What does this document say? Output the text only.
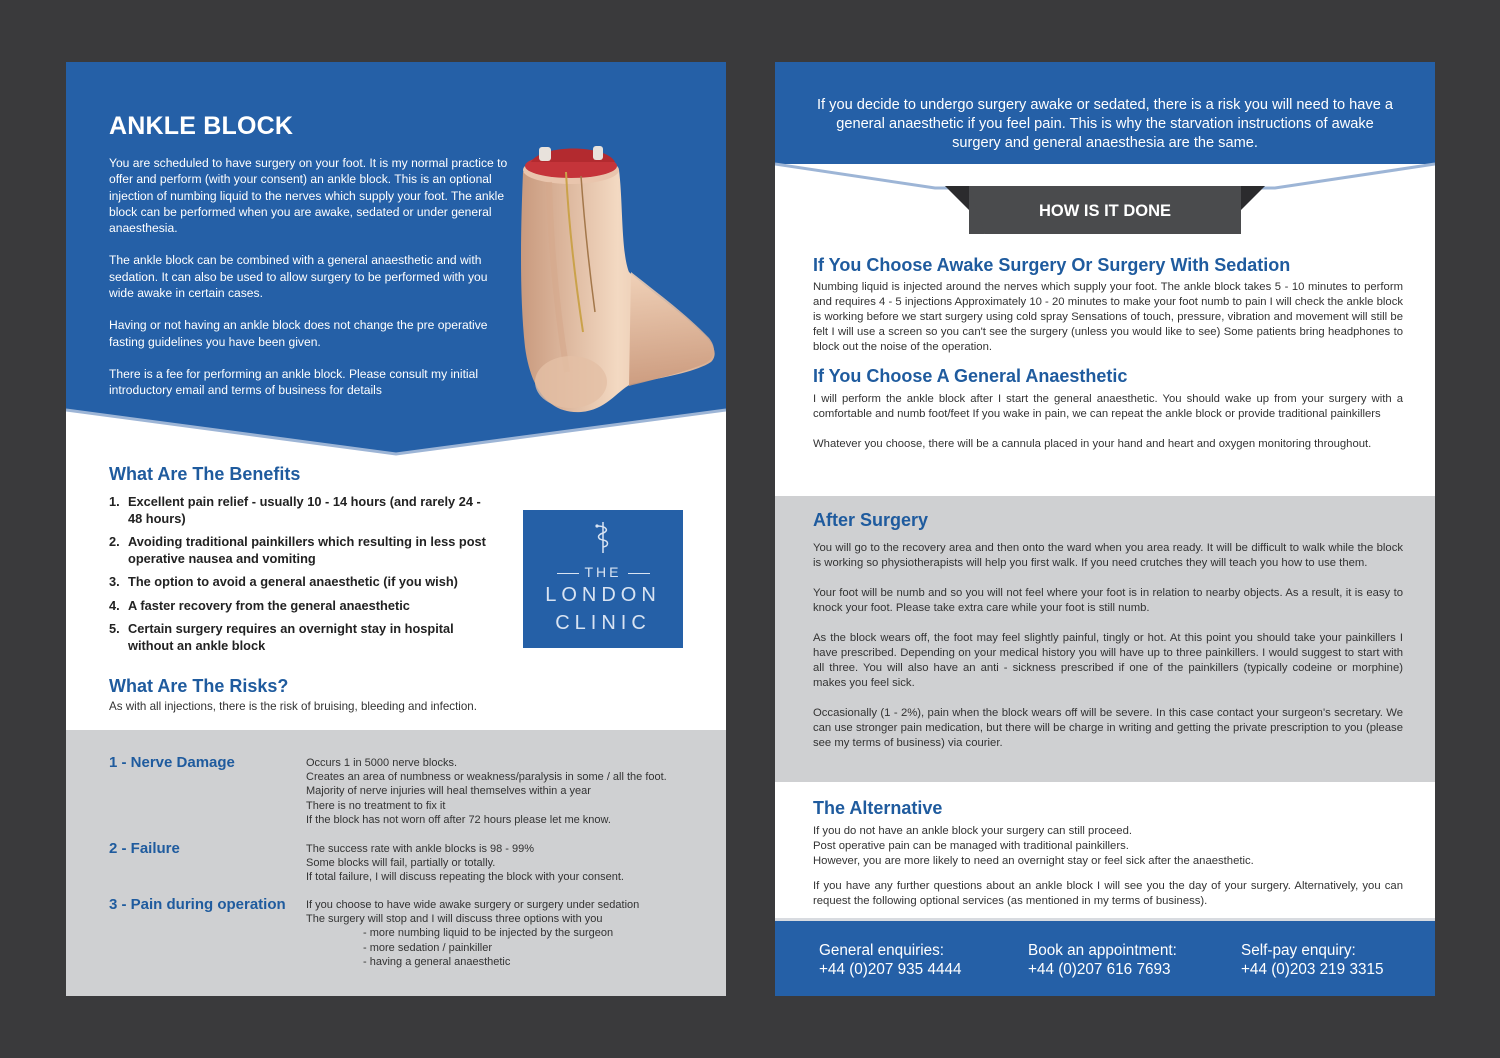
ANKLE BLOCK

You are scheduled to have surgery on your foot. It is my normal practice to offer and perform (with your consent) an ankle block. This is an optional injection of numbing liquid to the nerves which supply your foot. The ankle block can be performed when you are awake, sedated or under general anaesthesia.

The ankle block can be combined with a general anaesthetic and with sedation. It can also be used to allow surgery to be performed with you wide awake in certain cases.

Having or not having an ankle block does not change the pre operative fasting guidelines you have been given.

There is a fee for performing an ankle block. Please consult my initial introductory email and terms of business for details

What Are The Benefits
1. Excellent pain relief - usually 10 - 14 hours (and rarely 24 - 48 hours)
2. Avoiding traditional painkillers which resulting in less post operative nausea and vomiting
3. The option to avoid a general anaesthetic (if you wish)
4. A faster recovery from the general anaesthetic
5. Certain surgery requires an overnight stay in hospital without an ankle block
THE
LONDON
CLINIC
What Are The Risks?
As with all injections, there is the risk of bruising, bleeding and infection.
1 - Nerve Damage	Occurs 1 in 5000 nerve blocks.
Creates an area of numbness or weakness/paralysis in some / all the foot.
Majority of nerve injuries will heal themselves within a year
There is no treatment to fix it
If the block has not worn off after 72 hours please let me know.
2 - Failure	The success rate with ankle blocks is 98 - 99%
Some blocks will fail, partially or totally.
If total failure, I will discuss repeating the block with your consent.
3 - Pain during operation If you choose to have wide awake surgery or surgery under sedation
The surgery will stop and I will discuss three options with you
- more numbing liquid to be injected by the surgeon
- more sedation / painkiller
- having a general anaesthetic
If you decide to undergo surgery awake or sedated, there is a risk you will need to have a general anaesthetic if you feel pain. This is why the starvation instructions of awake surgery and general anaesthesia are the same.
HOW IS IT DONE
If You Choose Awake Surgery Or Surgery With Sedation

Numbing liquid is injected around the nerves which supply your foot. The ankle block takes 5 - 10 minutes to perform and requires 4 - 5 injections Approximately 10 - 20 minutes to make your foot numb to pain I will check the ankle block is working before we start surgery using cold spray Sensations of touch, pressure, vibration and movement will still be felt I will use a screen so you can't see the surgery (unless you would like to see) Some patients bring headphones to block out the noise of the operation.

If You Choose A General Anaesthetic

I will perform the ankle block after I start the general anaesthetic. You should wake up from your surgery with a comfortable and numb foot/feet If you wake in pain, we can repeat the ankle block or provide traditional painkillers

Whatever you choose, there will be a cannula placed in your hand and heart and oxygen monitoring throughout.

After Surgery

You will go to the recovery area and then onto the ward when you area ready. It will be difficult to walk while the block is working so physiotherapists will help you first walk. If you need crutches they will teach you how to use them.

Your foot will be numb and so you will not feel where your foot is in relation to nearby objects. As a result, it is easy to knock your foot. Please take extra care while your foot is still numb.

As the block wears off, the foot may feel slightly painful, tingly or hot. At this point you should take your painkillers I have prescribed. Depending on your medical history you will have up to three painkillers. I would suggest to start with all three. You will also have an anti - sickness prescribed if one of the painkillers (typically codeine or morphine) makes you feel sick.

Occasionally (1 - 2%), pain when the block wears off will be severe. In this case contact your surgeon's secretary. We can use stronger pain medication, but there will be charge in writing and getting the private prescription to you (please see my terms of business) via courier.

The Alternative
If you do not have an ankle block your surgery can still proceed.
Post operative pain can be managed with traditional painkillers.
However, you are more likely to need an overnight stay or feel sick after the anaesthetic.

If you have any further questions about an ankle block I will see you the day of your surgery. Alternatively, you can request the following optional services (as mentioned in my terms of business).

General enquiries:
+44 (0)207 935 4444
Book an appointment:
+44 (0)207 616 7693
Self-pay enquiry:
+44 (0)203 219 3315
